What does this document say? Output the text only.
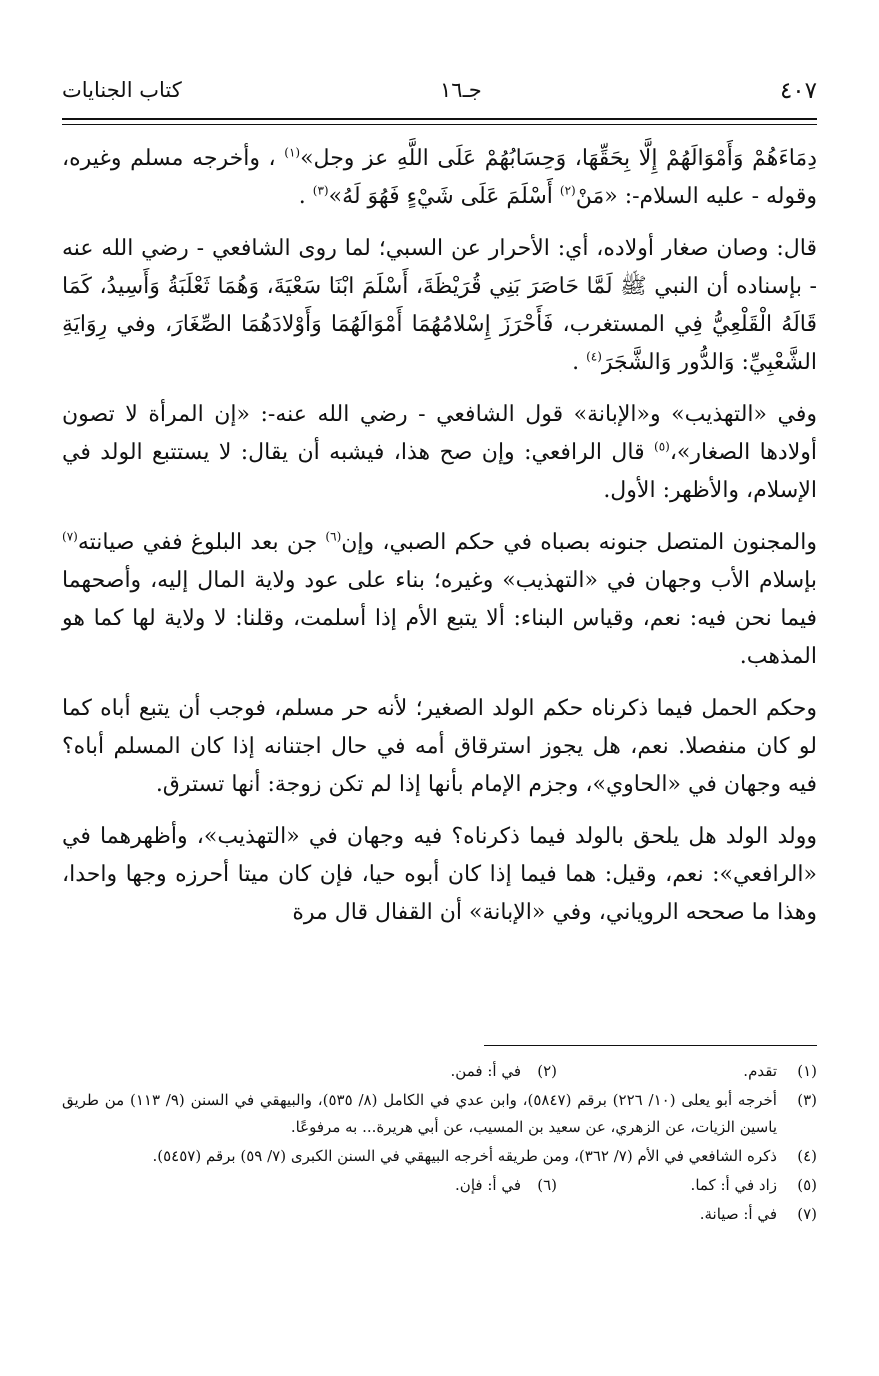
كتاب الجنايات	جـ١٦	٤٠٧

دِمَاءَهُمْ وَأَمْوَالَهُمْ إِلَّا بِحَقِّهَا، وَحِسَابُهُمْ عَلَى اللَّهِ عز وجل»$^{(١)}$ ، وأخرجه مسلم وغيره، وقوله - عليه السلام-: «مَنْ$^{(٢)}$ أَسْلَمَ عَلَى شَيْءٍ فَهُوَ لَهُ»$^{(٣)}$ .

قال: وصان صغار أولاده، أي: الأحرار عن السبي؛ لما روى الشافعي - رضي الله عنه - بإسناده أن النبي ﷺ لَمَّا حَاصَرَ بَنِي قُرَيْظَةَ، أَسْلَمَ ابْنَا سَعْيَةَ، وَهُمَا ثَعْلَبَةُ وَأَسِيدُ، كَمَا قَالَهُ الْقَلْعِيُّ فِي المستغرب، فَأَحْرَزَ إِسْلامُهُمَا أَمْوَالَهُمَا وَأَوْلادَهُمَا الصِّغَارَ، وفي رِوَايَةِ الشَّعْبِيِّ: وَالدُّور وَالشَّجَرَ$^{(٤)}$ .

وفي «التهذيب» و«الإبانة» قول الشافعي - رضي الله عنه-: «إن المرأة لا تصون أولادها الصغار»،$^{(٥)}$ قال الرافعي: وإن صح هذا، فيشبه أن يقال: لا يستتبع الولد في الإسلام، والأظهر: الأول.

والمجنون المتصل جنونه بصباه في حكم الصبي، وإن$^{(٦)}$ جن بعد البلوغ ففي صيانته$^{(٧)}$ بإسلام الأب وجهان في «التهذيب» وغيره؛ بناء على عود ولاية المال إليه، وأصحهما فيما نحن فيه: نعم، وقياس البناء: ألا يتبع الأم إذا أسلمت، وقلنا: لا ولاية لها كما هو المذهب.

وحكم الحمل فيما ذكرناه حكم الولد الصغير؛ لأنه حر مسلم، فوجب أن يتبع أباه كما لو كان منفصلا. نعم، هل يجوز استرقاق أمه في حال اجتنانه إذا كان المسلم أباه؟ فيه وجهان في «الحاوي»، وجزم الإمام بأنها إذا لم تكن زوجة: أنها تسترق.

وولد الولد هل يلحق بالولد فيما ذكرناه؟ فيه وجهان في «التهذيب»، وأظهرهما في «الرافعي»: نعم، وقيل: هما فيما إذا كان أبوه حيا، فإن كان ميتا أحرزه وجها واحدا، وهذا ما صححه الروياني، وفي «الإبانة» أن القفال قال مرة

(١)
تقدم.
(٢)
في أ: فمن.
(٣)
أخرجه أبو يعلى (١٠/ ٢٢٦) برقم (٥٨٤٧)، وابن عدي في الكامل (٨/ ٥٣٥)، والبيهقي في السنن (٩/ ١١٣) من طريق ياسين الزيات، عن الزهري، عن سعيد بن المسيب، عن أبي هريرة... به مرفوعًا.
(٤)
ذكره الشافعي في الأم (٧/ ٣٦٢)، ومن طريقه أخرجه البيهقي في السنن الكبرى (٧/ ٥٩) برقم (٥٤٥٧).
(٥)
زاد في أ: كما.
(٦)
في أ: فإن.
(٧)
في أ: صيانة.
